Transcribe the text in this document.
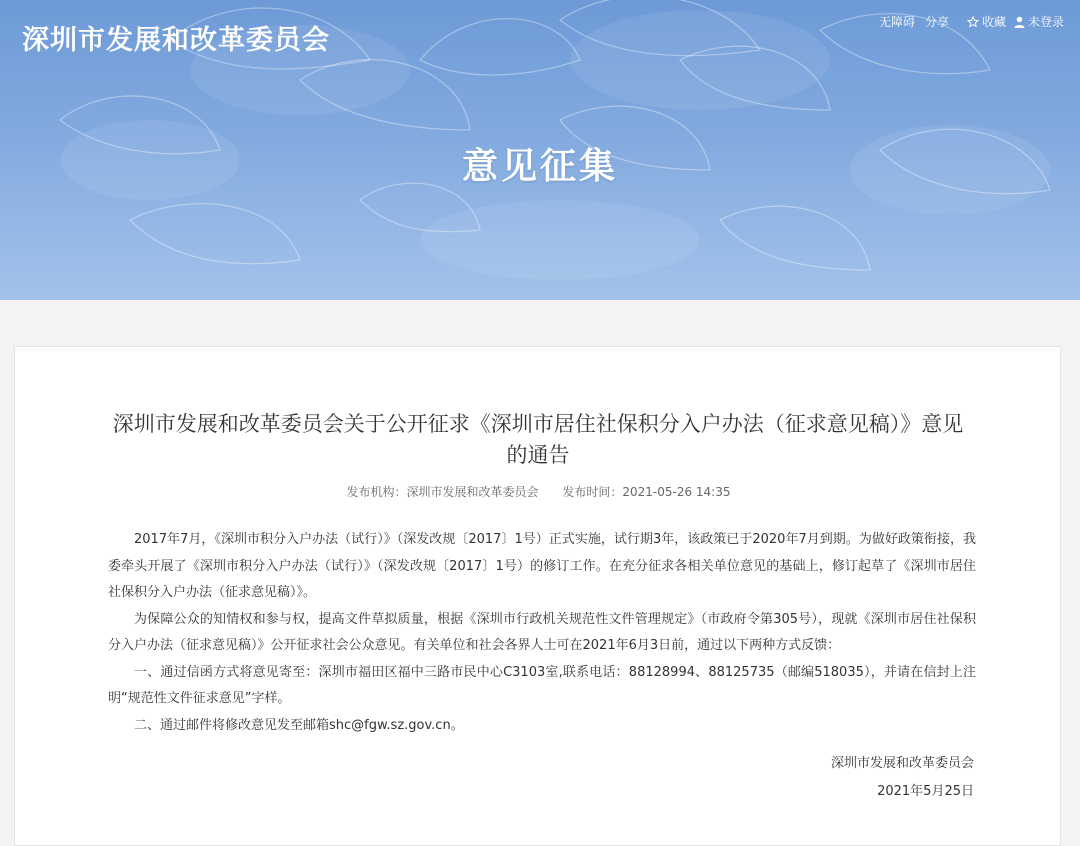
深圳市发展和改革委员会
无障碍 分享	收藏 未登录
意见征集
深圳市发展和改革委员会关于公开征求《深圳市居住社保积分入户办法（征求意见稿）》意见的通告
发布机构：深圳市发展和改革委员会 发布时间：2021-05-26 14:35

2017年7月，《深圳市积分入户办法（试行）》（深发改规〔2017〕1号）正式实施，试行期3年，该政策已于2020年7月到期。为做好政策衔接，我委牵头开展了《深圳市积分入户办法（试行）》（深发改规〔2017〕1号）的修订工作。在充分征求各相关单位意见的基础上，修订起草了《深圳市居住社保积分入户办法（征求意见稿）》。

为保障公众的知情权和参与权，提高文件草拟质量，根据《深圳市行政机关规范性文件管理规定》（市政府令第305号），现就《深圳市居住社保积分入户办法（征求意见稿）》公开征求社会公众意见。有关单位和社会各界人士可在2021年6月3日前，通过以下两种方式反馈：

一、通过信函方式将意见寄至：深圳市福田区福中三路市民中心C3103室,联系电话：88128994、88125735（邮编518035），并请在信封上注明“规范性文件征求意见”字样。

二、通过邮件将修改意见发至邮箱shc@fgw.sz.gov.cn。

深圳市发展和改革委员会
2021年5月25日
